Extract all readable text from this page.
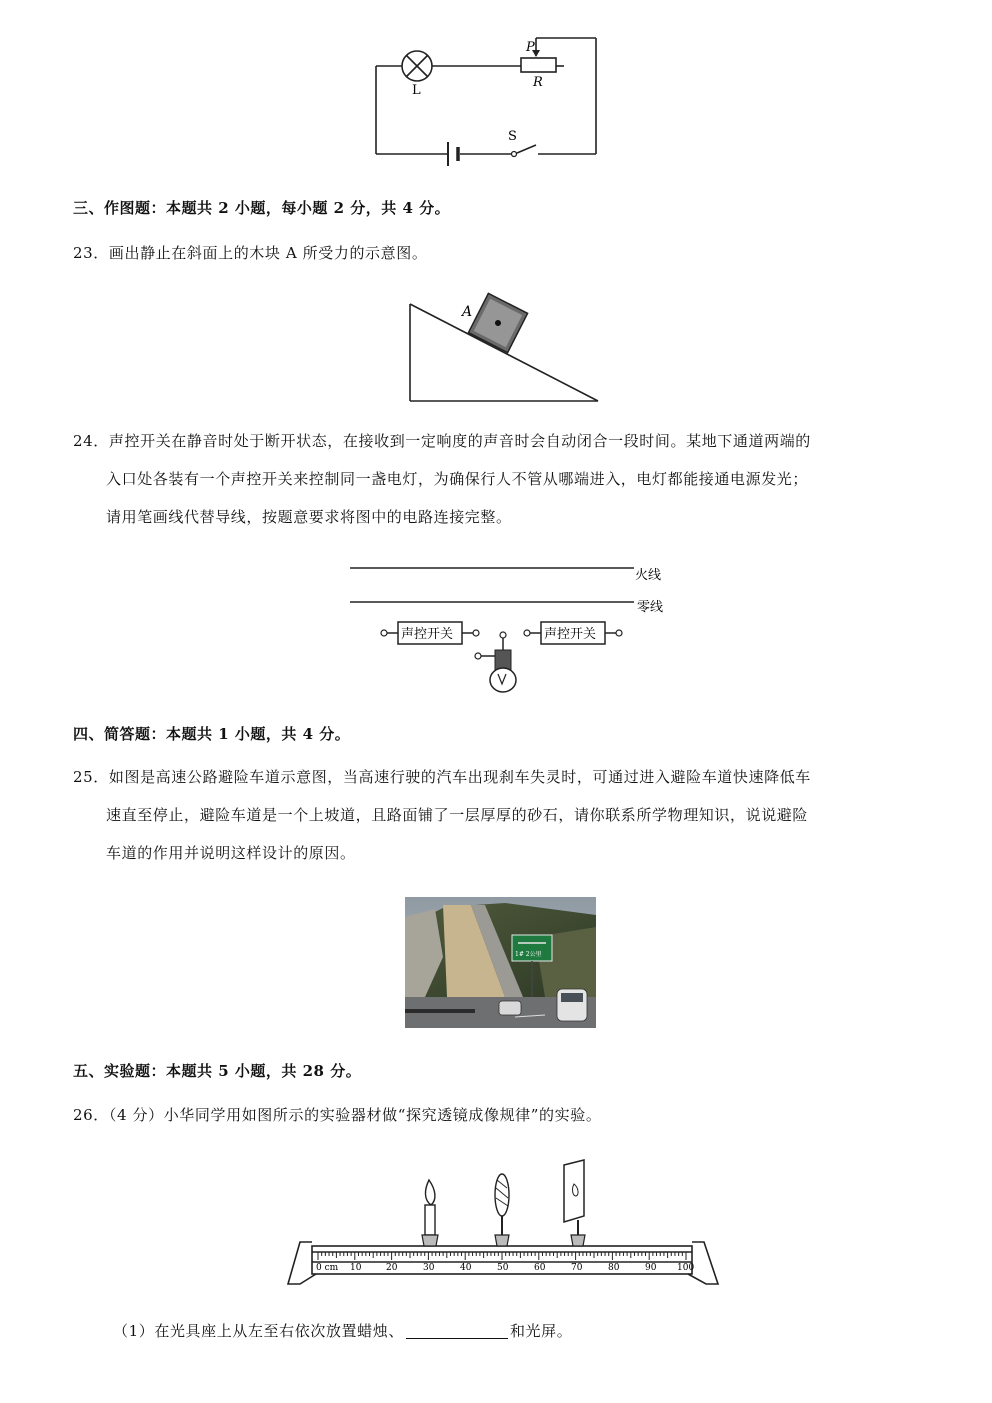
L
P
R
S
三、作图题：本题共 2 小题，每小题 2 分，共 4 分。
23．画出静止在斜面上的木块 A 所受力的示意图。
A
24．声控开关在静音时处于断开状态，在接收到一定响度的声音时会自动闭合一段时间。某地下通道两端的
入口处各装有一个声控开关来控制同一盏电灯，为确保行人不管从哪端进入，电灯都能接通电源发光；
请用笔画线代替导线，按题意要求将图中的电路连接完整。
火线
零线
声控开关	声控开关
四、简答题：本题共 1 小题，共 4 分。
25．如图是高速公路避险车道示意图，当高速行驶的汽车出现刹车失灵时，可通过进入避险车道快速降低车
速直至停止，避险车道是一个上坡道，且路面铺了一层厚厚的砂石，请你联系所学物理知识，说说避险
车道的作用并说明这样设计的原因。
1# 2公里
五、实验题：本题共 5 小题，共 28 分。
26．（4 分）小华同学用如图所示的实验器材做“探究透镜成像规律”的实验。
0 cm 10	20	30	40	50	60	70	80	90 100
（1）在光具座上从左至右依次放置蜡烛、	和光屏。
